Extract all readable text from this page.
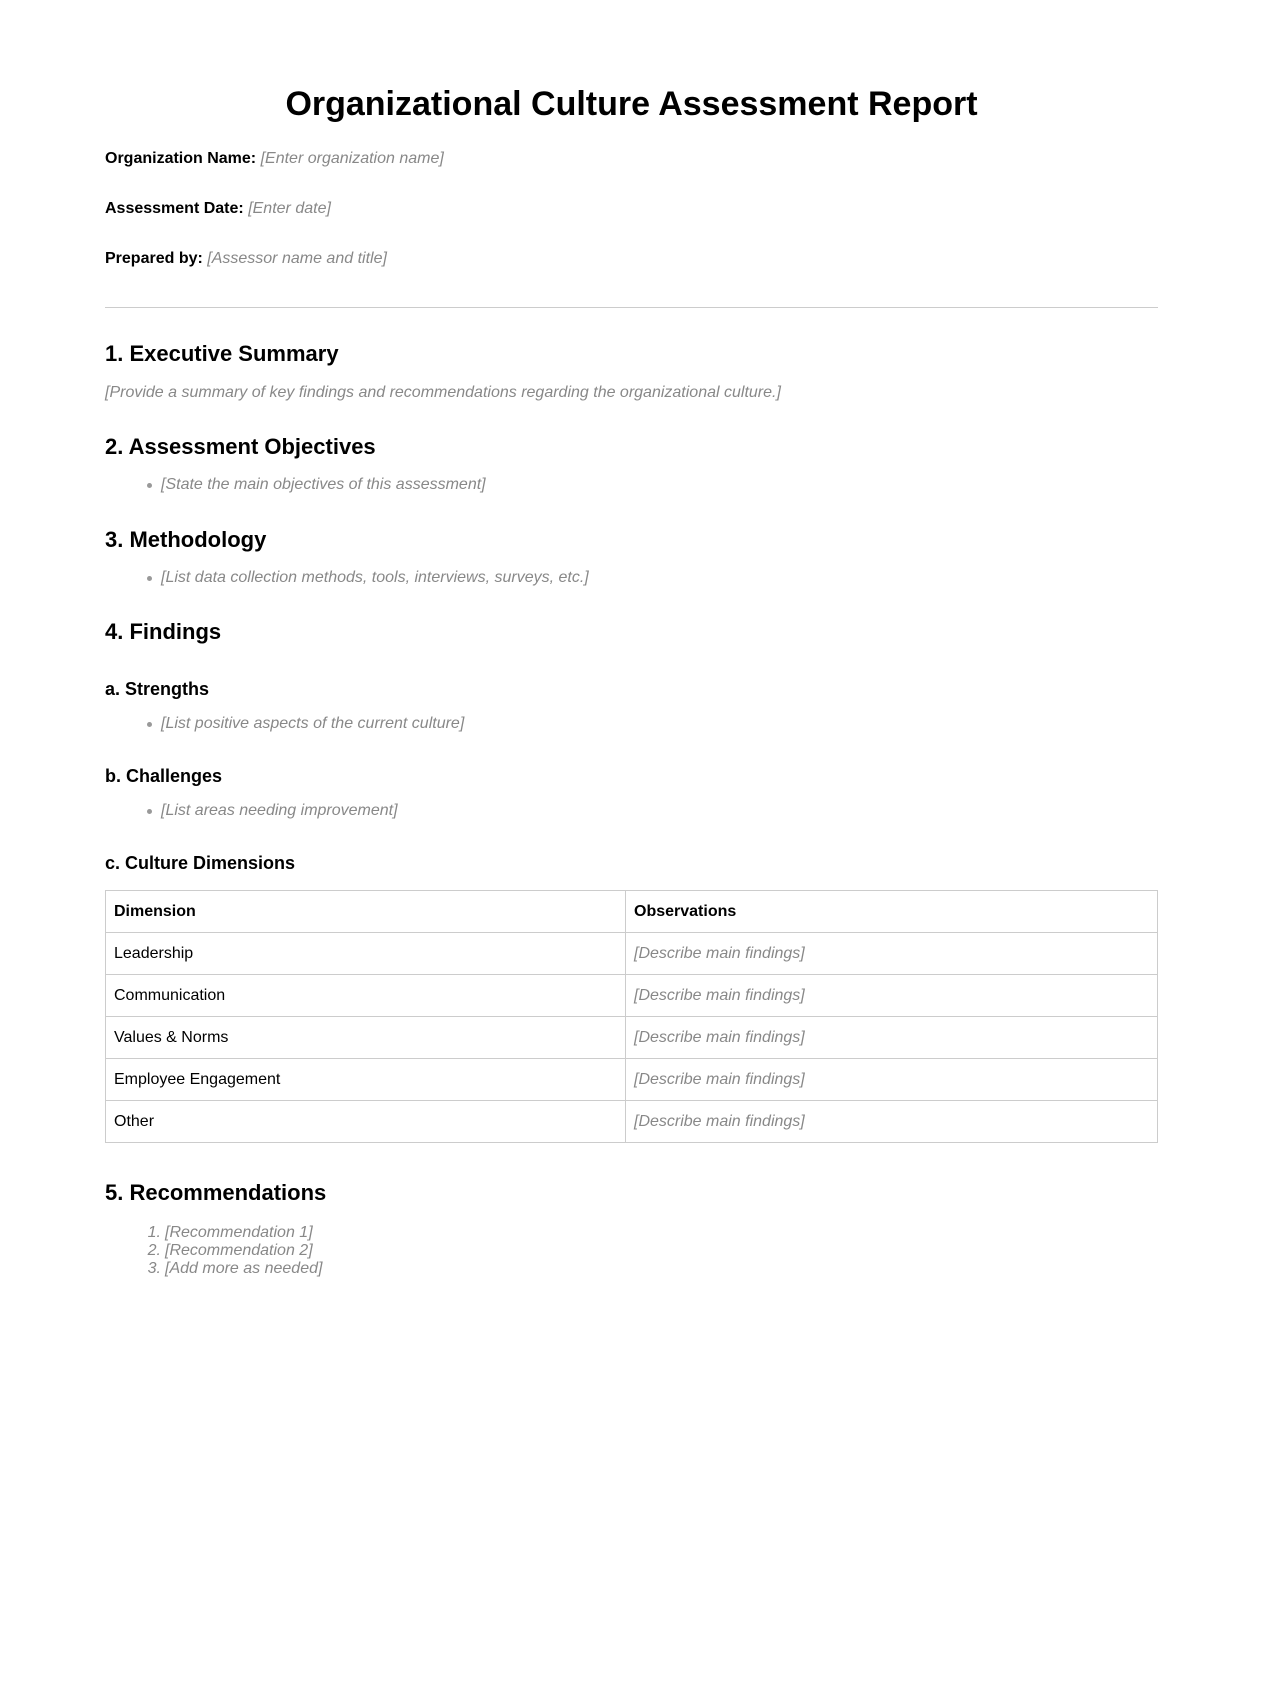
Organizational Culture Assessment Report

Organization Name: [Enter organization name]

Assessment Date: [Enter date]

Prepared by: [Assessor name and title]

1. Executive Summary

[Provide a summary of key findings and recommendations regarding the organizational culture.]

2. Assessment Objectives

[State the main objectives of this assessment]

3. Methodology

[List data collection methods, tools, interviews, surveys, etc.]

4. Findings
a. Strengths

[List positive aspects of the current culture]

b. Challenges

[List areas needing improvement]

c. Culture Dimensions
Dimension	Observations
Leadership	[Describe main findings]
Communication	[Describe main findings]
Values & Norms	[Describe main findings]
Employee Engagement	[Describe main findings]
Other	[Describe main findings]
5. Recommendations
1. [Recommendation 1]
2. [Recommendation 2]
3. [Add more as needed]
